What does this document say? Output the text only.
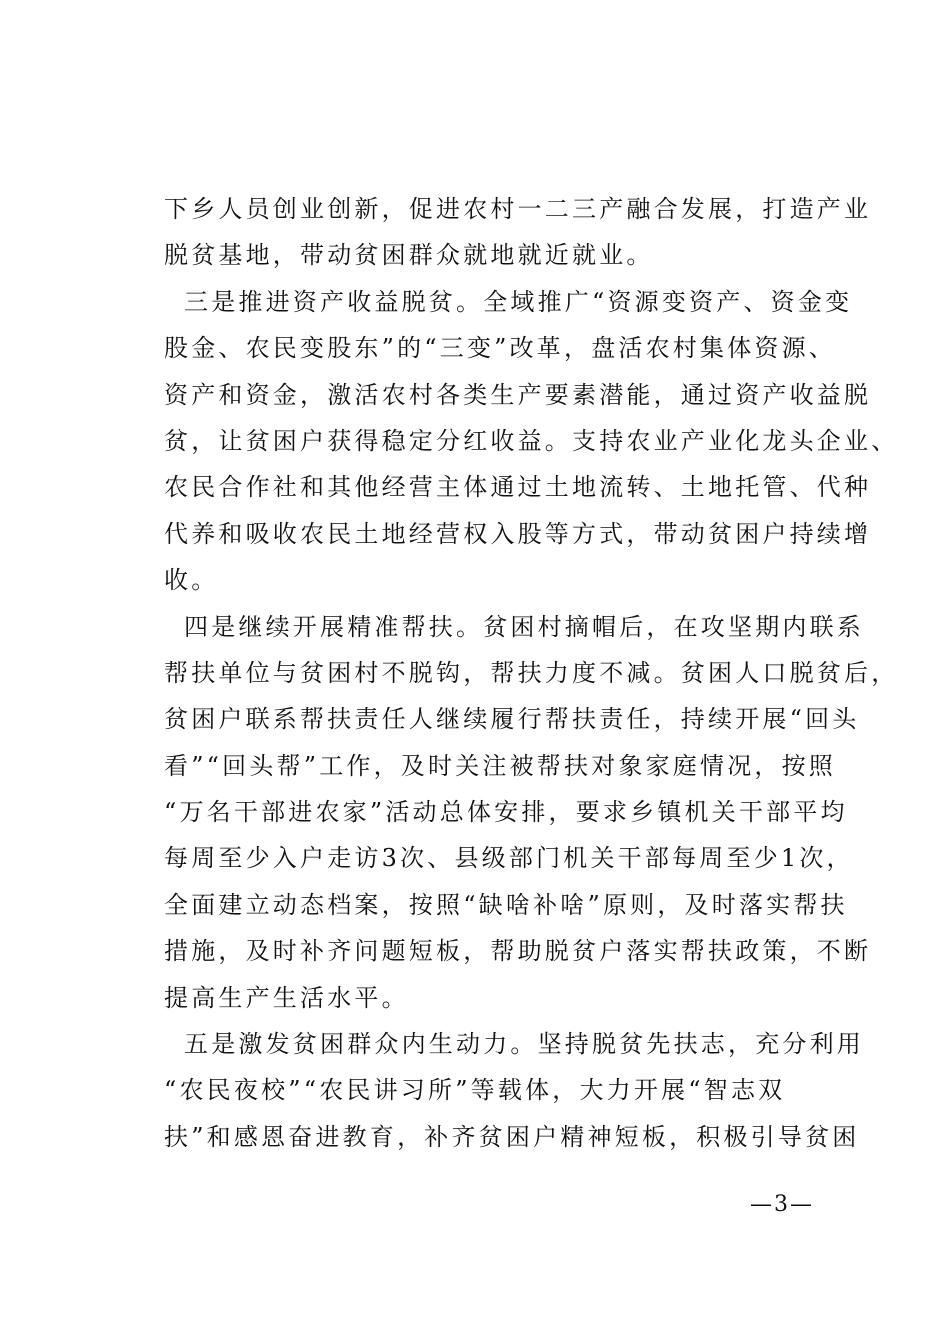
下乡人员创业创新，促进农村一二三产融合发展，打造产业
脱贫基地，带动贫困群众就地就近就业。
三是推进资产收益脱贫。全域推广“资源变资产、资金变
股金、农民变股东”的“三变”改革，盘活农村集体资源、
资产和资金，激活农村各类生产要素潜能，通过资产收益脱
贫，让贫困户获得稳定分红收益。支持农业产业化龙头企业、
农民合作社和其他经营主体通过土地流转、土地托管、代种
代养和吸收农民土地经营权入股等方式，带动贫困户持续增
收。
四是继续开展精准帮扶。贫困村摘帽后，在攻坚期内联系
帮扶单位与贫困村不脱钩，帮扶力度不减。贫困人口脱贫后，
贫困户联系帮扶责任人继续履行帮扶责任，持续开展“回头
看”“回头帮”工作，及时关注被帮扶对象家庭情况，按照
“万名干部进农家”活动总体安排，要求乡镇机关干部平均
每周至少入户走访3次、县级部门机关干部每周至少1次，
全面建立动态档案，按照“缺啥补啥”原则，及时落实帮扶
措施，及时补齐问题短板，帮助脱贫户落实帮扶政策，不断
提高生产生活水平。
五是激发贫困群众内生动力。坚持脱贫先扶志，充分利用
“农民夜校”“农民讲习所”等载体，大力开展“智志双
扶”和感恩奋进教育，补齐贫困户精神短板，积极引导贫困
—3—
